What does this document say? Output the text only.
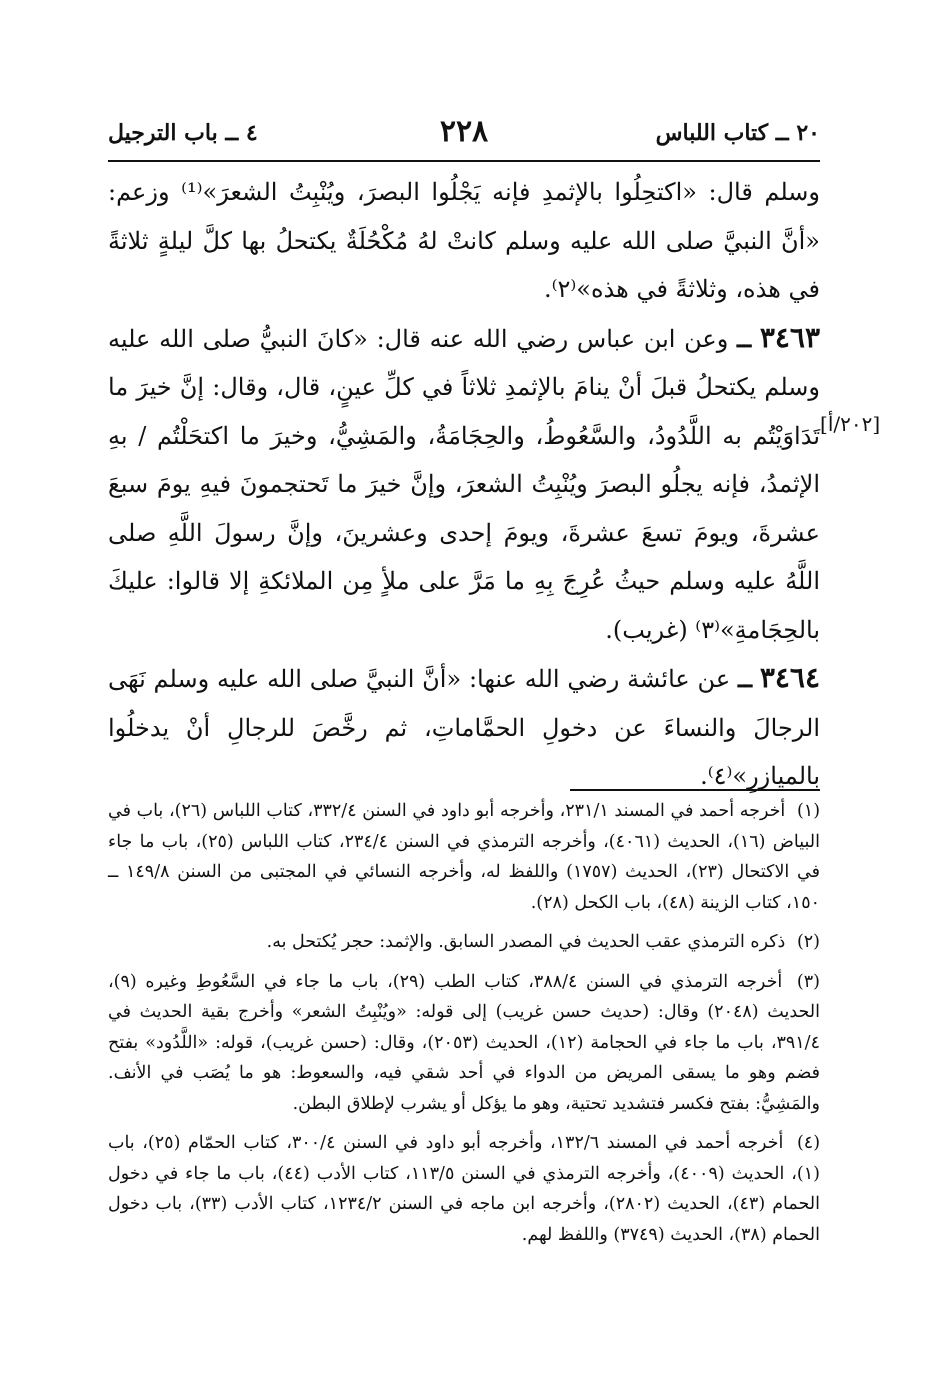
٢٠ ــ كتاب اللباس
٢٢٨
٤ ــ باب الترجيل
[٢٠٢/أ]

وسلم قال: «اكتحِلُوا بالإثمدِ فإنه يَجْلُوا البصرَ، ويُنْبِتُ الشعرَ»⁽¹⁾ وزعم: «أنَّ النبيَّ صلى الله عليه وسلم كانتْ لهُ مُكْحُلَةٌ يكتحلُ بها كلَّ ليلةٍ ثلاثةً في هذه، وثلاثةً في هذه»⁽٢⁾.

٣٤٦٣ ــ وعن ابن عباس رضي الله عنه قال: «كانَ النبيُّ صلى الله عليه وسلم يكتحلُ قبلَ أنْ ينامَ بالإثمدِ ثلاثاً في كلِّ عينٍ، قال، وقال: إنَّ خيرَ ما تَدَاوَيْتُم به اللَّدُودُ، والسَّعُوطُ، والحِجَامَةُ، والمَشِيُّ، وخيرَ ما اكتحَلْتُم / بهِ الإثمدُ، فإنه يجلُو البصرَ ويُنْبِتُ الشعرَ، وإنَّ خيرَ ما تَحتجمونَ فيهِ يومَ سبعَ عشرةَ، ويومَ تسعَ عشرةَ، ويومَ إحدى وعشرينَ، وإنَّ رسولَ اللَّهِ صلى اللَّهُ عليه وسلم حيثُ عُرِجَ بِهِ ما مَرَّ على ملأٍ مِن الملائكةِ إلا قالوا: عليكَ بالحِجَامةِ»⁽٣⁾ (غريب).

٣٤٦٤ ــ عن عائشة رضي الله عنها: «أنَّ النبيَّ صلى الله عليه وسلم نَهَى الرجالَ والنساءَ عن دخولِ الحمَّاماتِ، ثم رخَّصَ للرجالِ أنْ يدخلُوا بالميازرِ»⁽٤⁾.

(١) أخرجه أحمد في المسند ٢٣١/١، وأخرجه أبو داود في السنن ٣٣٢/٤، كتاب اللباس (٢٦)، باب في البياض (١٦)، الحديث (٤٠٦١)، وأخرجه الترمذي في السنن ٢٣٤/٤، كتاب اللباس (٢٥)، باب ما جاء في الاكتحال (٢٣)، الحديث (١٧٥٧) واللفظ له، وأخرجه النسائي في المجتبى من السنن ١٤٩/٨ ــ ١٥٠، كتاب الزينة (٤٨)، باب الكحل (٢٨).

(٢) ذكره الترمذي عقب الحديث في المصدر السابق. والإثمد: حجر يُكتحل به.

(٣) أخرجه الترمذي في السنن ٣٨٨/٤، كتاب الطب (٢٩)، باب ما جاء في السَّعُوطِ وغيره (٩)، الحديث (٢٠٤٨) وقال: (حديث حسن غريب) إلى قوله: «ويُنْبِتُ الشعر» وأخرج بقية الحديث في ٣٩١/٤، باب ما جاء في الحجامة (١٢)، الحديث (٢٠٥٣)، وقال: (حسن غريب)، قوله: «اللَّدُود» بفتح فضم وهو ما يسقى المريض من الدواء في أحد شقي فيه، والسعوط: هو ما يُصَب في الأنف. والمَشِيُّ: بفتح فكسر فتشديد تحتية، وهو ما يؤكل أو يشرب لإطلاق البطن.

(٤) أخرجه أحمد في المسند ١٣٢/٦، وأخرجه أبو داود في السنن ٣٠٠/٤، كتاب الحمّام (٢٥)، باب (١)، الحديث (٤٠٠٩)، وأخرجه الترمذي في السنن ١١٣/٥، كتاب الأدب (٤٤)، باب ما جاء في دخول الحمام (٤٣)، الحديث (٢٨٠٢)، وأخرجه ابن ماجه في السنن ١٢٣٤/٢، كتاب الأدب (٣٣)، باب دخول الحمام (٣٨)، الحديث (٣٧٤٩) واللفظ لهم.
